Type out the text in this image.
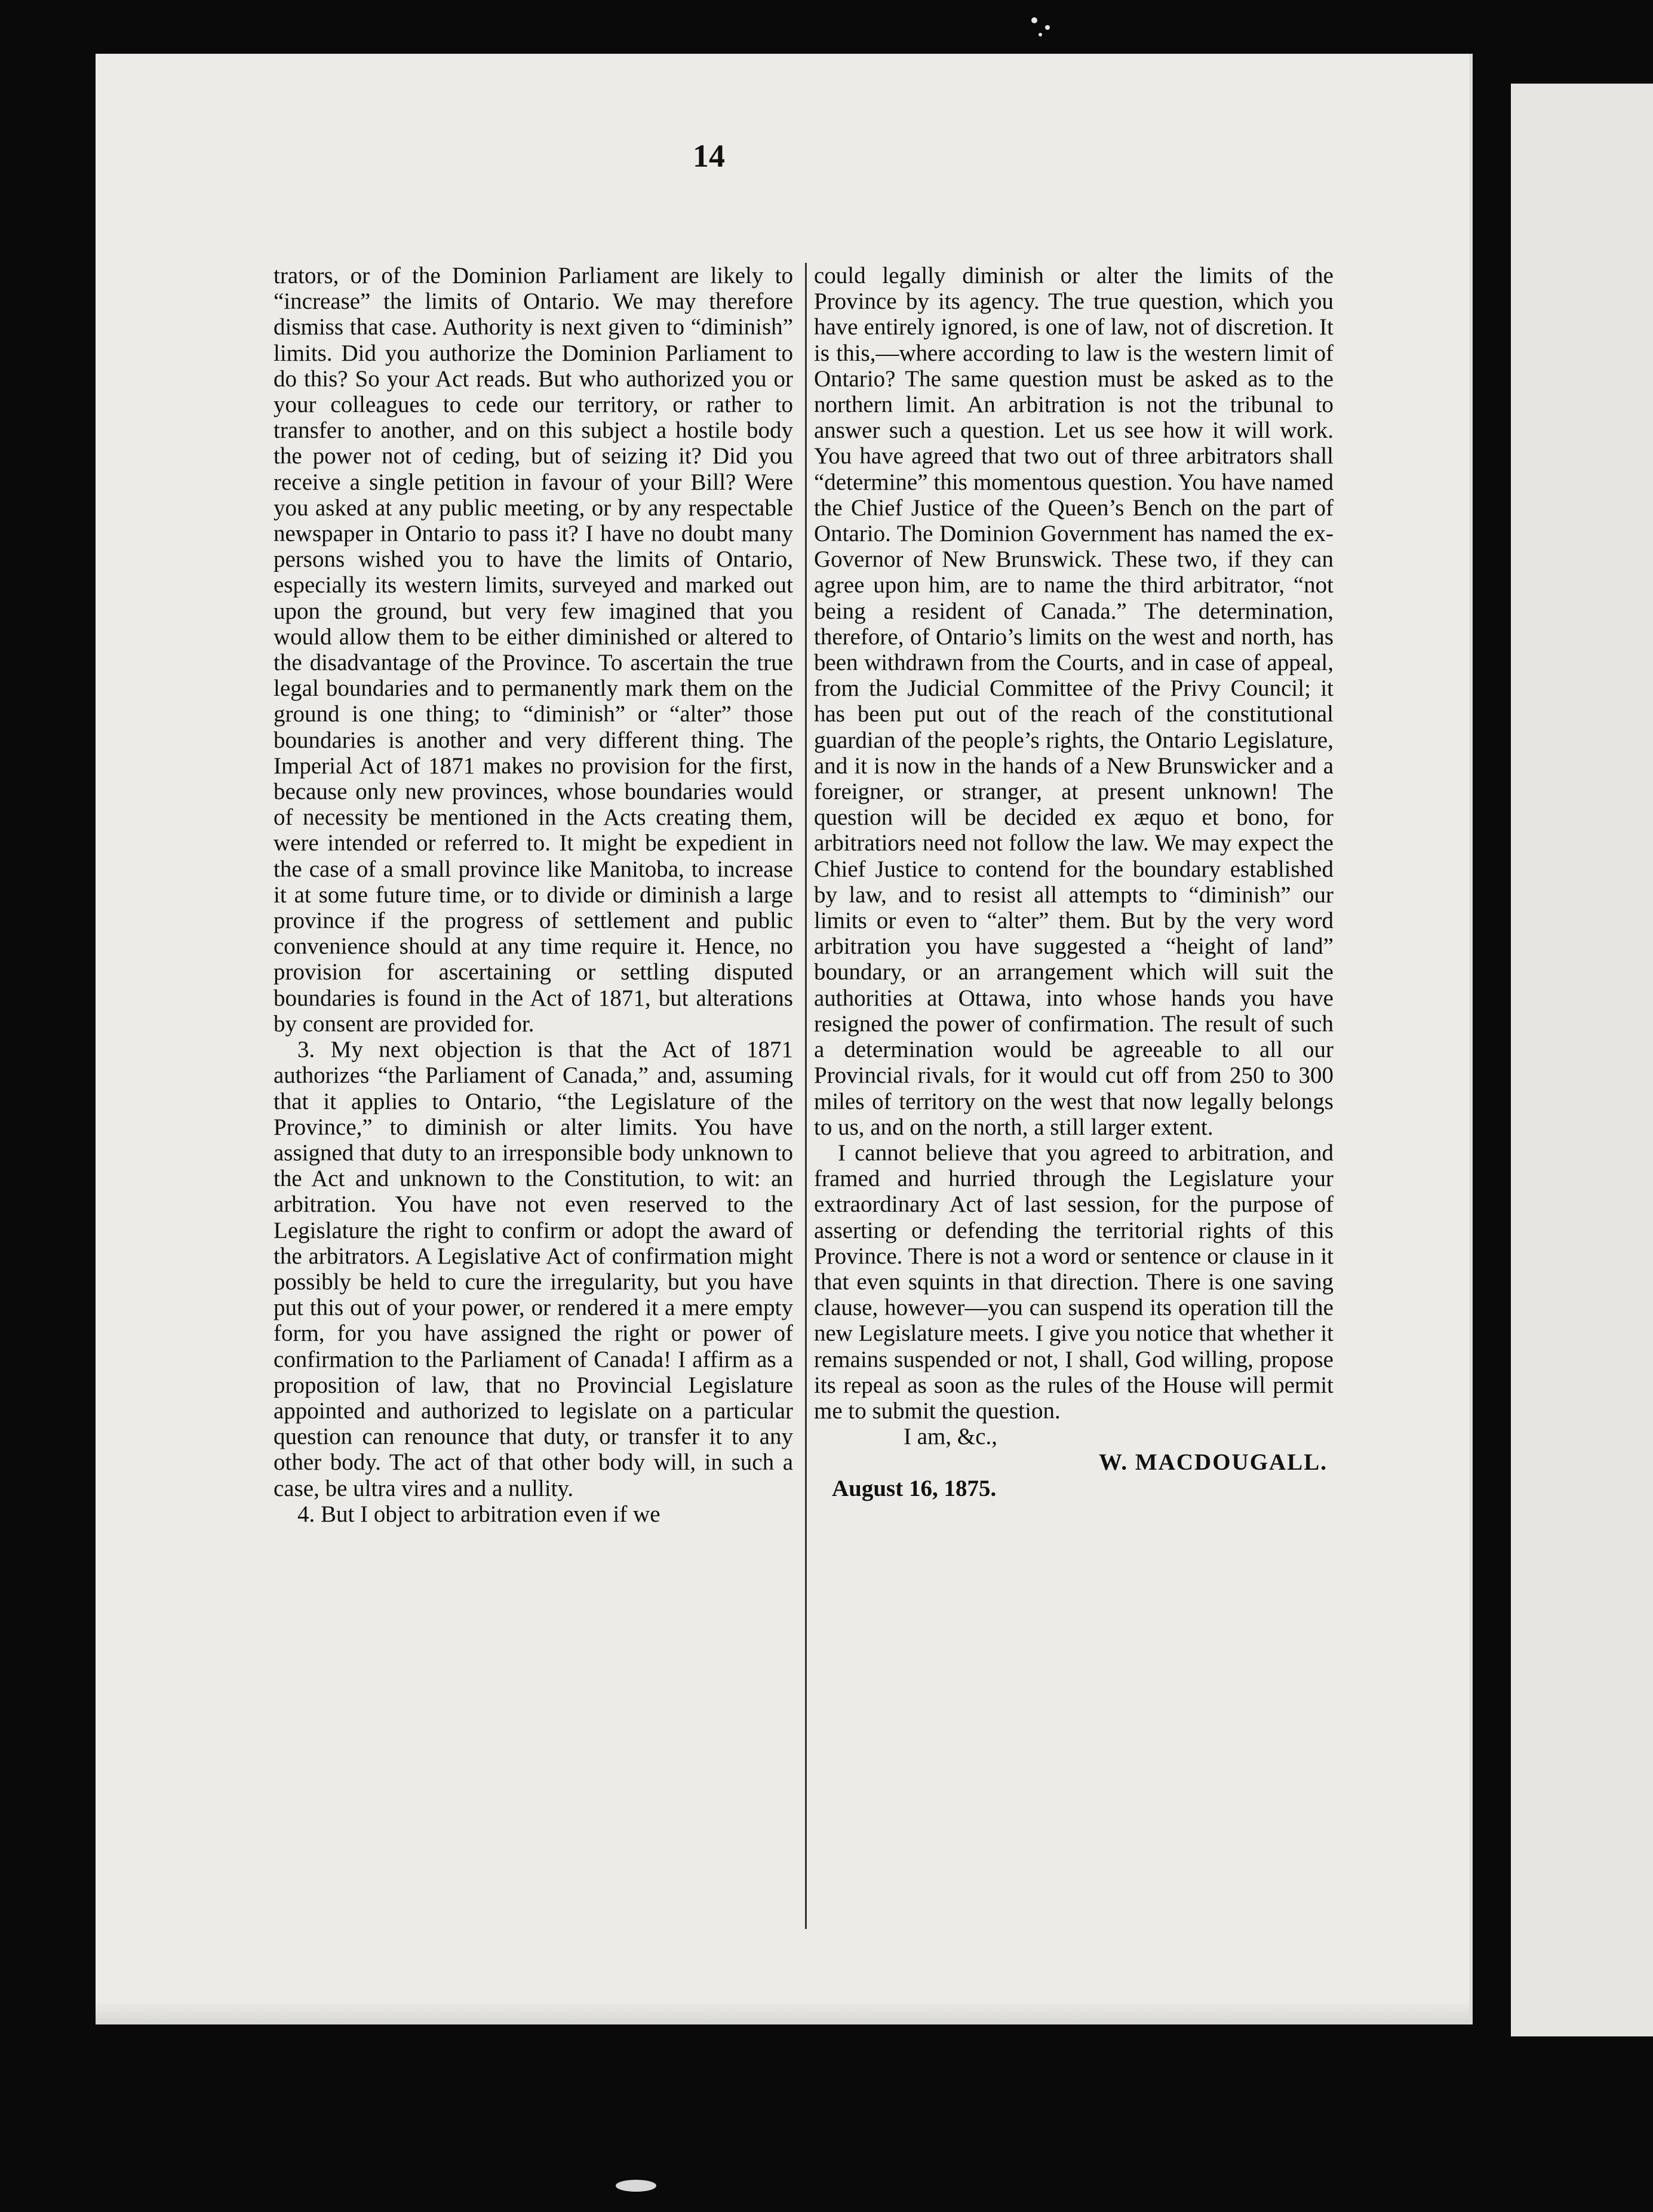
14

trators, or of the Dominion Parliament are likely to “increase” the limits of Ontario. We may therefore dismiss that case. Authority is next given to “diminish” limits. Did you authorize the Dominion Parliament to do this? So your Act reads. But who authorized you or your colleagues to cede our territory, or rather to transfer to another, and on this subject a hostile body the power not of ceding, but of seizing it? Did you receive a single petition in favour of your Bill? Were you asked at any public meeting, or by any respectable newspaper in Ontario to pass it? I have no doubt many persons wished you to have the limits of Ontario, especially its western limits, surveyed and marked out upon the ground, but very few imagined that you would allow them to be either diminished or altered to the disadvantage of the Province. To ascertain the true legal boundaries and to permanently mark them on the ground is one thing; to “diminish” or “alter” those boundaries is another and very different thing. The Imperial Act of 1871 makes no provision for the first, because only new provinces, whose boundaries would of necessity be mentioned in the Acts creating them, were intended or referred to. It might be expedient in the case of a small province like Manitoba, to increase it at some future time, or to divide or diminish a large province if the progress of settlement and public convenience should at any time require it. Hence, no provision for ascertaining or settling disputed boundaries is found in the Act of 1871, but alterations by consent are provided for.

3. My next objection is that the Act of 1871 authorizes “the Parliament of Canada,” and, assuming that it applies to Ontario, “the Legislature of the Province,” to diminish or alter limits. You have assigned that duty to an irresponsible body unknown to the Act and unknown to the Constitution, to wit: an arbitration. You have not even reserved to the Legislature the right to confirm or adopt the award of the arbitrators. A Legislative Act of confirmation might possibly be held to cure the irregularity, but you have put this out of your power, or rendered it a mere empty form, for you have assigned the right or power of confirmation to the Parliament of Canada! I affirm as a proposition of law, that no Provincial Legislature appointed and authorized to legislate on a particular question can renounce that duty, or transfer it to any other body. The act of that other body will, in such a case, be ultra vires and a nullity.

4. But I object to arbitration even if we

could legally diminish or alter the limits of the Province by its agency. The true question, which you have entirely ignored, is one of law, not of discretion. It is this,—where according to law is the western limit of Ontario? The same question must be asked as to the northern limit. An arbitration is not the tribunal to answer such a question. Let us see how it will work. You have agreed that two out of three arbitrators shall “determine” this momentous question. You have named the Chief Justice of the Queen’s Bench on the part of Ontario. The Dominion Government has named the ex-Governor of New Brunswick. These two, if they can agree upon him, are to name the third arbitrator, “not being a resident of Canada.” The determination, therefore, of Ontario’s limits on the west and north, has been withdrawn from the Courts, and in case of appeal, from the Judicial Committee of the Privy Council; it has been put out of the reach of the constitutional guardian of the people’s rights, the Ontario Legislature, and it is now in the hands of a New Brunswicker and a foreigner, or stranger, at present unknown! The question will be decided ex æquo et bono, for arbitratiors need not follow the law. We may expect the Chief Justice to contend for the boundary established by law, and to resist all attempts to “diminish” our limits or even to “alter” them. But by the very word arbitration you have suggested a “height of land” boundary, or an arrangement which will suit the authorities at Ottawa, into whose hands you have resigned the power of confirmation. The result of such a determination would be agreeable to all our Provincial rivals, for it would cut off from 250 to 300 miles of territory on the west that now legally belongs to us, and on the north, a still larger extent.

I cannot believe that you agreed to arbitration, and framed and hurried through the Legislature your extraordinary Act of last session, for the purpose of asserting or defending the territorial rights of this Province. There is not a word or sentence or clause in it that even squints in that direction. There is one saving clause, however—you can suspend its operation till the new Legislature meets. I give you notice that whether it remains suspended or not, I shall, God willing, propose its repeal as soon as the rules of the House will permit me to submit the question.

I am, &c.,

W. MACDOUGALL.

August 16, 1875.
